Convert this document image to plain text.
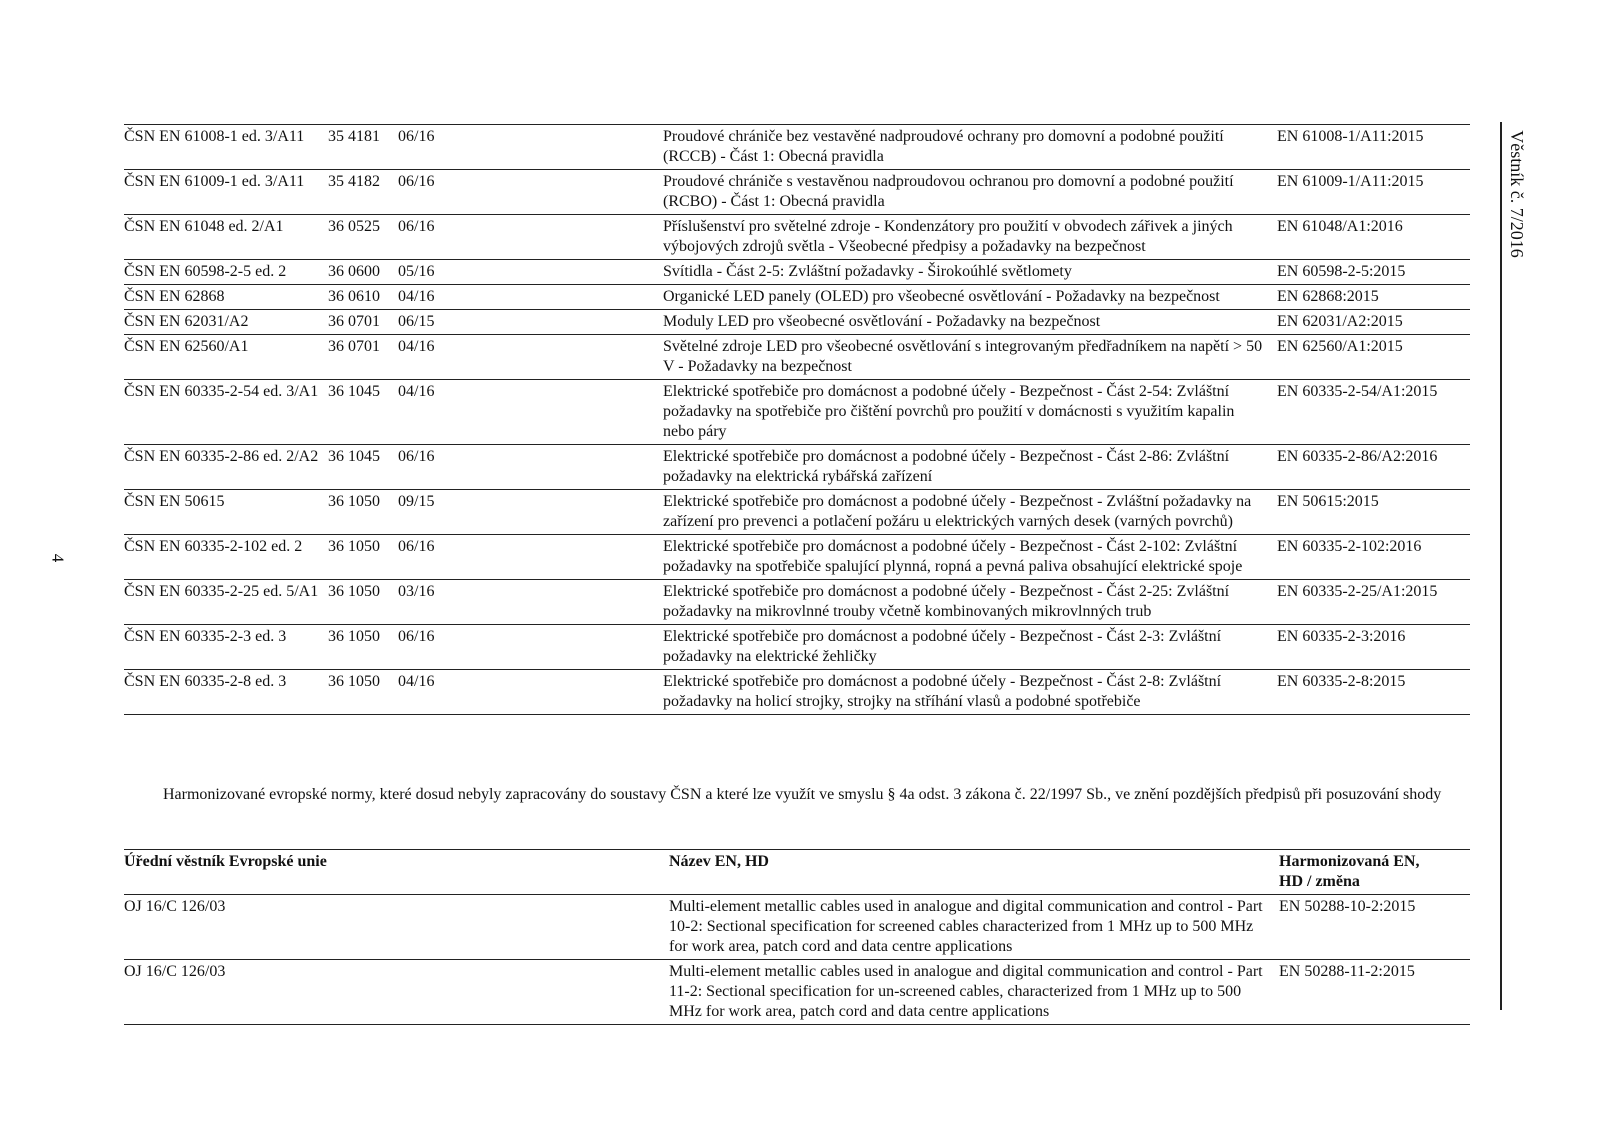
ČSN EN 61008-1 ed. 3/A11	35 4181	06/16	Proudové chrániče bez vestavěné nadproudové ochrany pro domovní a podobné použití (RCCB) - Část 1: Obecná pravidla	EN 61008-1/A11:2015
ČSN EN 61009-1 ed. 3/A11	35 4182	06/16	Proudové chrániče s vestavěnou nadproudovou ochranou pro domovní a podobné použití (RCBO) - Část 1: Obecná pravidla	EN 61009-1/A11:2015
ČSN EN 61048 ed. 2/A1	36 0525	06/16	Příslušenství pro světelné zdroje - Kondenzátory pro použití v obvodech zářivek a jiných výbojových zdrojů světla - Všeobecné předpisy a požadavky na bezpečnost	EN 61048/A1:2016
ČSN EN 60598-2-5 ed. 2	36 0600	05/16	Svítidla - Část 2-5: Zvláštní požadavky - Širokoúhlé světlomety	EN 60598-2-5:2015
ČSN EN 62868	36 0610	04/16	Organické LED panely (OLED) pro všeobecné osvětlování - Požadavky na bezpečnost	EN 62868:2015
ČSN EN 62031/A2	36 0701	06/15	Moduly LED pro všeobecné osvětlování - Požadavky na bezpečnost	EN 62031/A2:2015
ČSN EN 62560/A1	36 0701	04/16	Světelné zdroje LED pro všeobecné osvětlování s integrovaným předřadníkem na napětí > 50 V - Požadavky na bezpečnost	EN 62560/A1:2015
ČSN EN 60335-2-54 ed. 3/A1	36 1045	04/16	Elektrické spotřebiče pro domácnost a podobné účely - Bezpečnost - Část 2-54: Zvláštní požadavky na spotřebiče pro čištění povrchů pro použití v domácnosti s využitím kapalin nebo páry	EN 60335-2-54/A1:2015
ČSN EN 60335-2-86 ed. 2/A2	36 1045	06/16	Elektrické spotřebiče pro domácnost a podobné účely - Bezpečnost - Část 2-86: Zvláštní požadavky na elektrická rybářská zařízení	EN 60335-2-86/A2:2016
ČSN EN 50615	36 1050	09/15	Elektrické spotřebiče pro domácnost a podobné účely - Bezpečnost - Zvláštní požadavky na zařízení pro prevenci a potlačení požáru u elektrických varných desek (varných povrchů)	EN 50615:2015
ČSN EN 60335-2-102 ed. 2	36 1050	06/16	Elektrické spotřebiče pro domácnost a podobné účely - Bezpečnost - Část 2-102: Zvláštní požadavky na spotřebiče spalující plynná, ropná a pevná paliva obsahující elektrické spoje	EN 60335-2-102:2016
ČSN EN 60335-2-25 ed. 5/A1	36 1050	03/16	Elektrické spotřebiče pro domácnost a podobné účely - Bezpečnost - Část 2-25: Zvláštní požadavky na mikrovlnné trouby včetně kombinovaných mikrovlnných trub	EN 60335-2-25/A1:2015
ČSN EN 60335-2-3 ed. 3	36 1050	06/16	Elektrické spotřebiče pro domácnost a podobné účely - Bezpečnost - Část 2-3: Zvláštní požadavky na elektrické žehličky	EN 60335-2-3:2016
ČSN EN 60335-2-8 ed. 3	36 1050	04/16	Elektrické spotřebiče pro domácnost a podobné účely - Bezpečnost - Část 2-8: Zvláštní požadavky na holicí strojky, strojky na stříhání vlasů a podobné spotřebiče	EN 60335-2-8:2015
Harmonizované evropské normy, které dosud nebyly zapracovány do soustavy ČSN a které lze využít ve smyslu § 4a odst. 3 zákona č. 22/1997 Sb., ve znění pozdějších předpisů při posuzování shody
Úřední věstník Evropské unie	Název EN, HD	Harmonizovaná EN, HD / změna
OJ 16/C 126/03	Multi-element metallic cables used in analogue and digital communication and control - Part 10-2: Sectional specification for screened cables characterized from 1 MHz up to 500 MHz for work area, patch cord and data centre applications	EN 50288-10-2:2015
OJ 16/C 126/03	Multi-element metallic cables used in analogue and digital communication and control - Part 11-2: Sectional specification for un-screened cables, characterized from 1 MHz up to 500 MHz for work area, patch cord and data centre applications	EN 50288-11-2:2015
4
Věstník č. 7/2016
